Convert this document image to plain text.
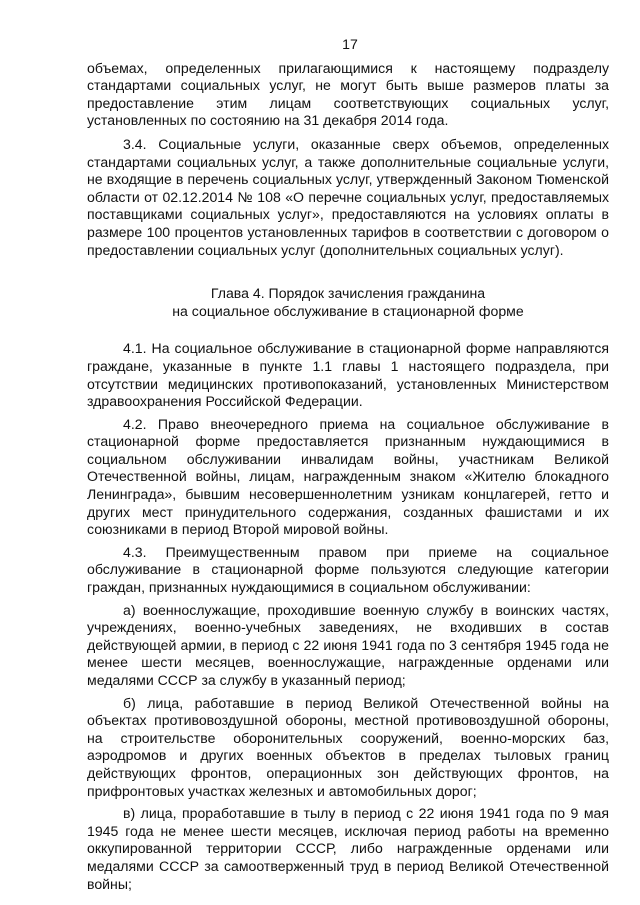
17

объемах, определенных прилагающимися к настоящему подразделу стандартами социальных услуг, не могут быть выше размеров платы за предоставление этим лицам соответствующих социальных услуг, установленных по состоянию на 31 декабря 2014 года.

3.4. Социальные услуги, оказанные сверх объемов, определенных стандартами социальных услуг, а также дополнительные социальные услуги, не входящие в перечень социальных услуг, утвержденный Законом Тюменской области от 02.12.2014 № 108 «О перечне социальных услуг, предоставляемых поставщиками социальных услуг», предоставляются на условиях оплаты в размере 100 процентов установленных тарифов в соответствии с договором о предоставлении социальных услуг (дополнительных социальных услуг).

Глава 4. Порядок зачисления гражданина
на социальное обслуживание в стационарной форме

4.1. На социальное обслуживание в стационарной форме направляются граждане, указанные в пункте 1.1 главы 1 настоящего подраздела, при отсутствии медицинских противопоказаний, установленных Министерством здравоохранения Российской Федерации.

4.2. Право внеочередного приема на социальное обслуживание в стационарной форме предоставляется признанным нуждающимися в социальном обслуживании инвалидам войны, участникам Великой Отечественной войны, лицам, награжденным знаком «Жителю блокадного Ленинграда», бывшим несовершеннолетним узникам концлагерей, гетто и других мест принудительного содержания, созданных фашистами и их союзниками в период Второй мировой войны.

4.3. Преимущественным правом при приеме на социальное обслуживание в стационарной форме пользуются следующие категории граждан, признанных нуждающимися в социальном обслуживании:

а) военнослужащие, проходившие военную службу в воинских частях, учреждениях, военно-учебных заведениях, не входивших в состав действующей армии, в период с 22 июня 1941 года по 3 сентября 1945 года не менее шести месяцев, военнослужащие, награжденные орденами или медалями СССР за службу в указанный период;

б) лица, работавшие в период Великой Отечественной войны на объектах противовоздушной обороны, местной противовоздушной обороны, на строительстве оборонительных сооружений, военно-морских баз, аэродромов и других военных объектов в пределах тыловых границ действующих фронтов, операционных зон действующих фронтов, на прифронтовых участках железных и автомобильных дорог;

в) лица, проработавшие в тылу в период с 22 июня 1941 года по 9 мая 1945 года не менее шести месяцев, исключая период работы на временно оккупированной территории СССР, либо награжденные орденами или медалями СССР за самоотверженный труд в период Великой Отечественной войны;
